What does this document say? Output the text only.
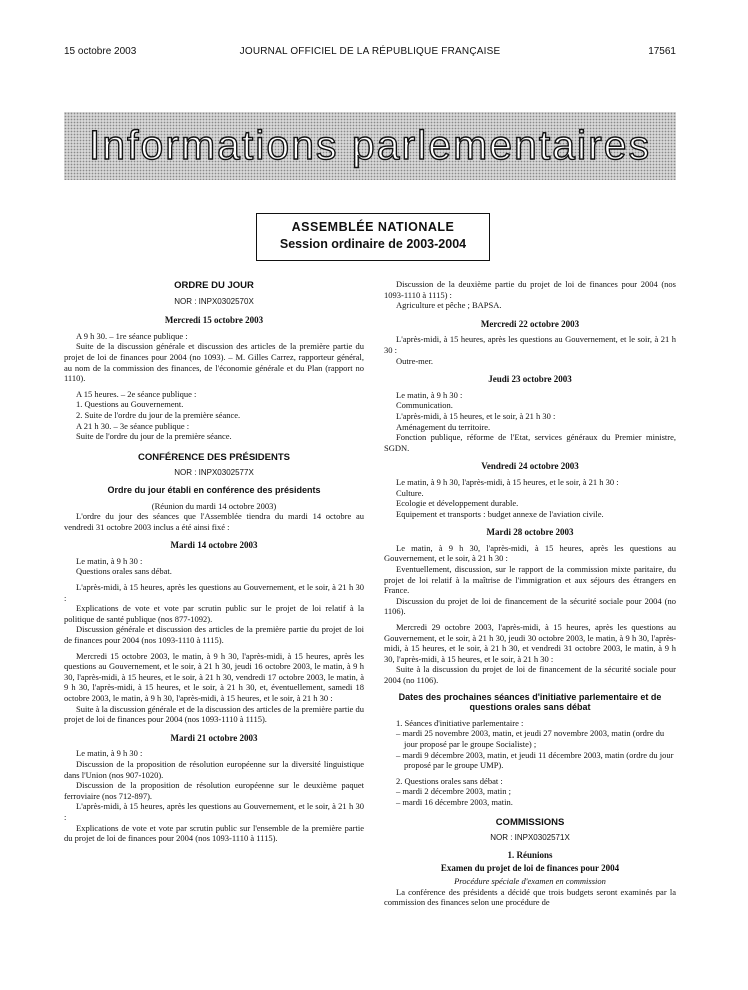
15 octobre 2003	JOURNAL OFFICIEL DE LA RÉPUBLIQUE FRANÇAISE	17561
Informations parlementaires
ASSEMBLÉE NATIONALE
Session ordinaire de 2003-2004
ORDRE DU JOUR
NOR : INPX0302570X
Mercredi 15 octobre 2003

A 9 h 30. – 1re séance publique :

Suite de la discussion générale et discussion des articles de la première partie du projet de loi de finances pour 2004 (no 1093). – M. Gilles Carrez, rapporteur général, au nom de la commission des finances, de l'économie générale et du Plan (rapport no 1110).

A 15 heures. – 2e séance publique :

1. Questions au Gouvernement.

2. Suite de l'ordre du jour de la première séance.

A 21 h 30. – 3e séance publique :

Suite de l'ordre du jour de la première séance.

CONFÉRENCE DES PRÉSIDENTS
NOR : INPX0302577X
Ordre du jour établi en conférence des présidents

(Réunion du mardi 14 octobre 2003)

L'ordre du jour des séances que l'Assemblée tiendra du mardi 14 octobre au vendredi 31 octobre 2003 inclus a été ainsi fixé :

Mardi 14 octobre 2003

Le matin, à 9 h 30 :

Questions orales sans débat.

L'après-midi, à 15 heures, après les questions au Gouvernement, et le soir, à 21 h 30 :

Explications de vote et vote par scrutin public sur le projet de loi relatif à la politique de santé publique (nos 877-1092).

Discussion générale et discussion des articles de la première partie du projet de loi de finances pour 2004 (nos 1093-1110 à 1115).

Mercredi 15 octobre 2003, le matin, à 9 h 30, l'après-midi, à 15 heures, après les questions au Gouvernement, et le soir, à 21 h 30, jeudi 16 octobre 2003, le matin, à 9 h 30, l'après-midi, à 15 heures, et le soir, à 21 h 30, vendredi 17 octobre 2003, le matin, à 9 h 30, l'après-midi, à 15 heures, et le soir, à 21 h 30, et, éventuellement, samedi 18 octobre 2003, le matin, à 9 h 30, l'après-midi, à 15 heures, et le soir, à 21 h 30 :

Suite à la discussion générale et de la discussion des articles de la première partie du projet de loi de finances pour 2004 (nos 1093-1110 à 1115).

Mardi 21 octobre 2003

Le matin, à 9 h 30 :

Discussion de la proposition de résolution européenne sur la diversité linguistique dans l'Union (nos 907-1020).

Discussion de la proposition de résolution européenne sur le deuxième paquet ferroviaire (nos 712-897).

L'après-midi, à 15 heures, après les questions au Gouvernement, et le soir, à 21 h 30 :

Explications de vote et vote par scrutin public sur l'ensemble de la première partie du projet de loi de finances pour 2004 (nos 1093-1110 à 1115).

Discussion de la deuxième partie du projet de loi de finances pour 2004 (nos 1093-1110 à 1115) :

Agriculture et pêche ; BAPSA.

Mercredi 22 octobre 2003

L'après-midi, à 15 heures, après les questions au Gouvernement, et le soir, à 21 h 30 :

Outre-mer.

Jeudi 23 octobre 2003

Le matin, à 9 h 30 :

Communication.

L'après-midi, à 15 heures, et le soir, à 21 h 30 :

Aménagement du territoire.

Fonction publique, réforme de l'Etat, services généraux du Premier ministre, SGDN.

Vendredi 24 octobre 2003

Le matin, à 9 h 30, l'après-midi, à 15 heures, et le soir, à 21 h 30 :

Culture.

Ecologie et développement durable.

Equipement et transports : budget annexe de l'aviation civile.

Mardi 28 octobre 2003

Le matin, à 9 h 30, l'après-midi, à 15 heures, après les questions au Gouvernement, et le soir, à 21 h 30 :

Eventuellement, discussion, sur le rapport de la commission mixte paritaire, du projet de loi relatif à la maîtrise de l'immigration et aux séjours des étrangers en France.

Discussion du projet de loi de financement de la sécurité sociale pour 2004 (no 1106).

Mercredi 29 octobre 2003, l'après-midi, à 15 heures, après les questions au Gouvernement, et le soir, à 21 h 30, jeudi 30 octobre 2003, le matin, à 9 h 30, l'après-midi, à 15 heures, et le soir, à 21 h 30, et vendredi 31 octobre 2003, le matin, à 9 h 30, l'après-midi, à 15 heures, et le soir, à 21 h 30 :

Suite à la discussion du projet de loi de financement de la sécurité sociale pour 2004 (no 1106).

Dates des prochaines séances d'initiative parlementaire et de questions orales sans débat

1. Séances d'initiative parlementaire :

– mardi 25 novembre 2003, matin, et jeudi 27 novembre 2003, matin (ordre du jour proposé par le groupe Socialiste) ;

– mardi 9 décembre 2003, matin, et jeudi 11 décembre 2003, matin (ordre du jour proposé par le groupe UMP).

2. Questions orales sans débat :

– mardi 2 décembre 2003, matin ;

– mardi 16 décembre 2003, matin.

COMMISSIONS
NOR : INPX0302571X
1. Réunions
Examen du projet de loi de finances pour 2004

Procédure spéciale d'examen en commission

La conférence des présidents a décidé que trois budgets seront examinés par la commission des finances selon une procédure de
